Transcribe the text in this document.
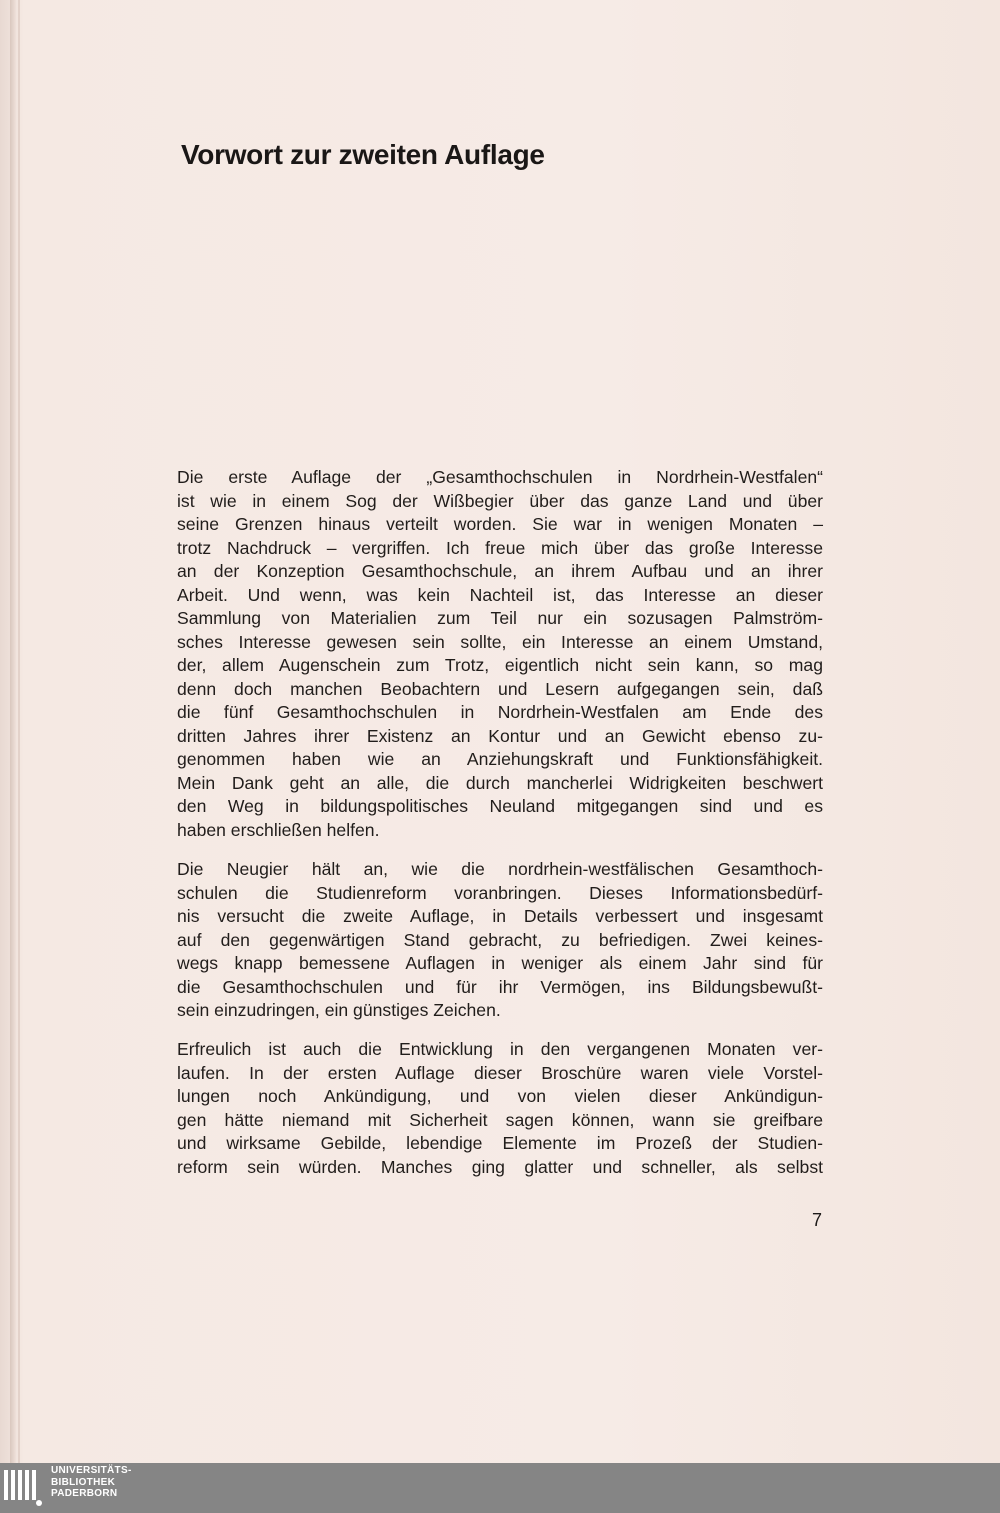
Vorwort zur zweiten Auflage

Die erste Auflage der „Gesamthochschulen in Nordrhein-Westfalen“
ist wie in einem Sog der Wißbegier über das ganze Land und über
seine Grenzen hinaus verteilt worden. Sie war in wenigen Monaten –
trotz Nachdruck – vergriffen. Ich freue mich über das große Interesse
an der Konzeption Gesamthochschule, an ihrem Aufbau und an ihrer
Arbeit. Und wenn, was kein Nachteil ist, das Interesse an dieser
Sammlung von Materialien zum Teil nur ein sozusagen Palmström-
sches Interesse gewesen sein sollte, ein Interesse an einem Umstand,
der, allem Augenschein zum Trotz, eigentlich nicht sein kann, so mag
denn doch manchen Beobachtern und Lesern aufgegangen sein, daß
die fünf Gesamthochschulen in Nordrhein-Westfalen am Ende des
dritten Jahres ihrer Existenz an Kontur und an Gewicht ebenso zu-
genommen haben wie an Anziehungskraft und Funktionsfähigkeit.
Mein Dank geht an alle, die durch mancherlei Widrigkeiten beschwert
den Weg in bildungspolitisches Neuland mitgegangen sind und es
haben erschließen helfen.

Die Neugier hält an, wie die nordrhein-westfälischen Gesamthoch-
schulen die Studienreform voranbringen. Dieses Informationsbedürf-
nis versucht die zweite Auflage, in Details verbessert und insgesamt
auf den gegenwärtigen Stand gebracht, zu befriedigen. Zwei keines-
wegs knapp bemessene Auflagen in weniger als einem Jahr sind für
die Gesamthochschulen und für ihr Vermögen, ins Bildungsbewußt-
sein einzudringen, ein günstiges Zeichen.

Erfreulich ist auch die Entwicklung in den vergangenen Monaten ver-
laufen. In der ersten Auflage dieser Broschüre waren viele Vorstel-
lungen noch Ankündigung, und von vielen dieser Ankündigun-
gen hätte niemand mit Sicherheit sagen können, wann sie greifbare
und wirksame Gebilde, lebendige Elemente im Prozeß der Studien-
reform sein würden. Manches ging glatter und schneller, als selbst

7
UNIVERSITÄTS-
BIBLIOTHEK
PADERBORN
